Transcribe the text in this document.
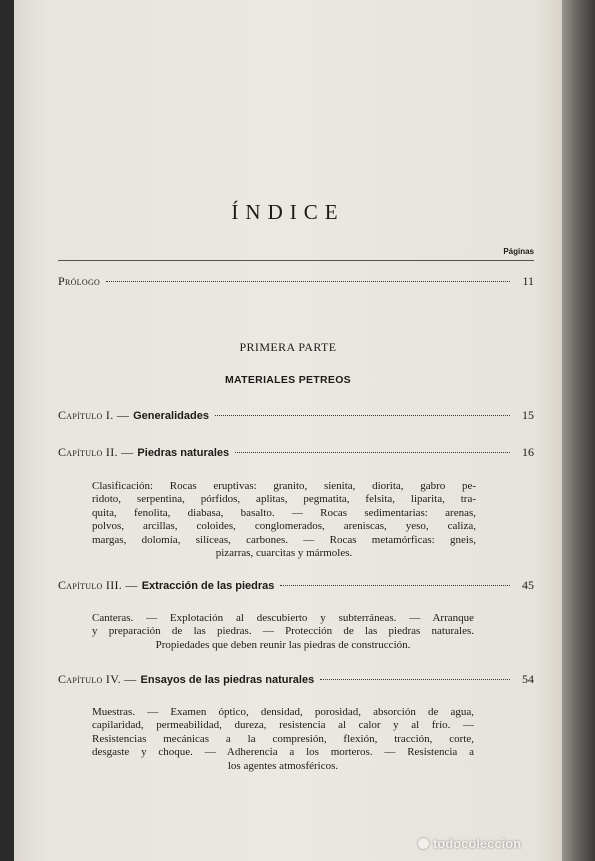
ÍNDICE
Páginas
Prólogo	11
PRIMERA PARTE
MATERIALES PETREOS
Capítulo I. — Generalidades	15
Capítulo II. — Piedras naturales	16
Clasificación: Rocas eruptivas: granito, sienita, diorita, gabro pe-
ridoto, serpentina, pórfidos, aplitas, pegmatita, felsita, liparita, tra-
quita, fenolita, diabasa, basalto. — Rocas sedimentarias: arenas,
polvos, arcillas, coloides, conglomerados, areniscas, yeso, caliza,
margas, dolomía, silíceas, carbones. — Rocas metamórficas: gneis,
pizarras, cuarcitas y mármoles.
Capítulo III. — Extracción de las piedras	45
Canteras. — Explotación al descubierto y subterráneas. — Arranque
y preparación de las piedras. — Protección de las piedras naturales.
Propiedades que deben reunir las piedras de construcción.
Capítulo IV. — Ensayos de las piedras naturales	54
Muestras. — Examen óptico, densidad, porosidad, absorción de agua,
capilaridad, permeabilidad, dureza, resistencia al calor y al frío. —
Resistencias mecánicas a la compresión, flexión, tracción, corte,
desgaste y choque. — Adherencia a los morteros. — Resistencia a
los agentes atmosféricos.
todocoleccion
